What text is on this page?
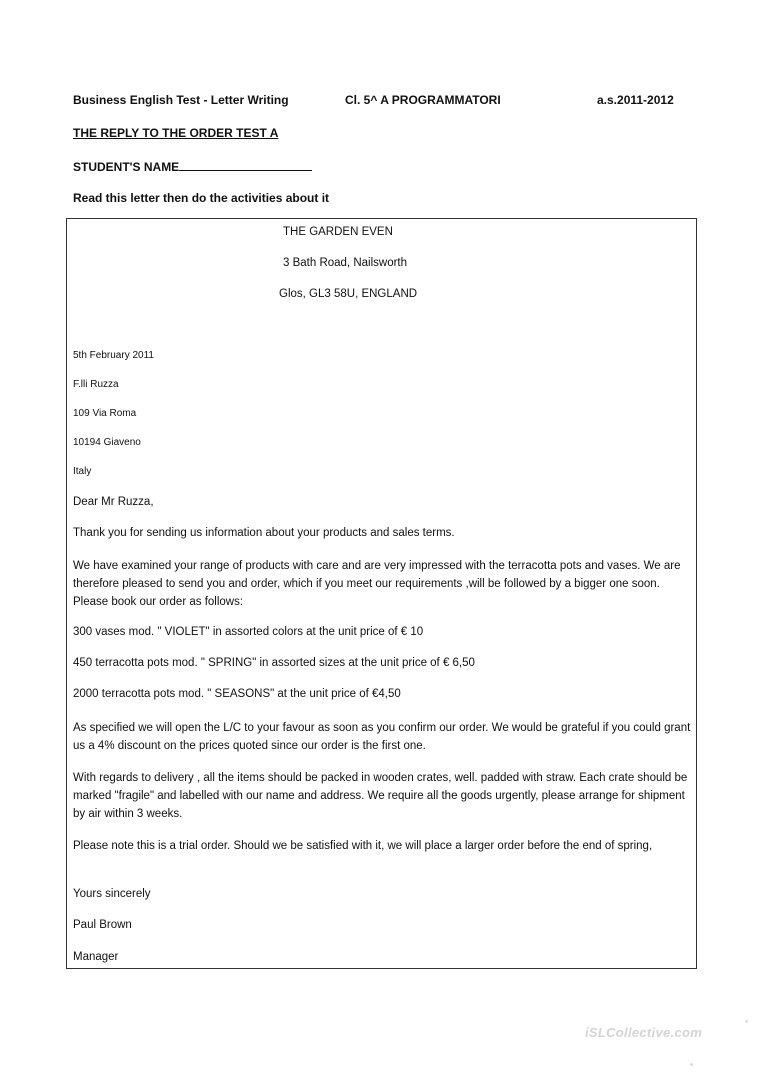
Business English Test - Letter Writing	Cl. 5^ A PROGRAMMATORI	a.s.2011-2012
THE REPLY TO THE ORDER TEST A
STUDENT'S NAME
Read this letter then do the activities about it
THE GARDEN EVEN
3 Bath Road, Nailsworth
Glos, GL3 58U, ENGLAND
5th February 2011
F.lli Ruzza
109 Via Roma
10194 Giaveno
Italy
Dear Mr Ruzza,
Thank you for sending us information about your products and sales terms.
We have examined your range of products with care and are very impressed with the terracotta pots and vases. We are therefore pleased to send you and order, which if you meet our requirements ,will be followed by a bigger one soon. Please book our order as follows:
300 vases mod. " VIOLET" in assorted colors at the unit price of € 10
450 terracotta pots mod. " SPRING" in assorted sizes at the unit price of € 6,50
2000 terracotta pots mod. " SEASONS" at the unit price of €4,50
As specified we will open the L/C to your favour as soon as you confirm our order. We would be grateful if you could grant us a 4% discount on the prices quoted since our order is the first one.
With regards to delivery , all the items should be packed in wooden crates, well. padded with straw. Each crate should be marked "fragile" and labelled with our name and address. We require all the goods urgently, please arrange for shipment by air within 3 weeks.
Please note this is a trial order. Should we be satisfied with it, we will place a larger order before the end of spring,
Yours sincerely
Paul Brown
Manager
iSLCollective.com
